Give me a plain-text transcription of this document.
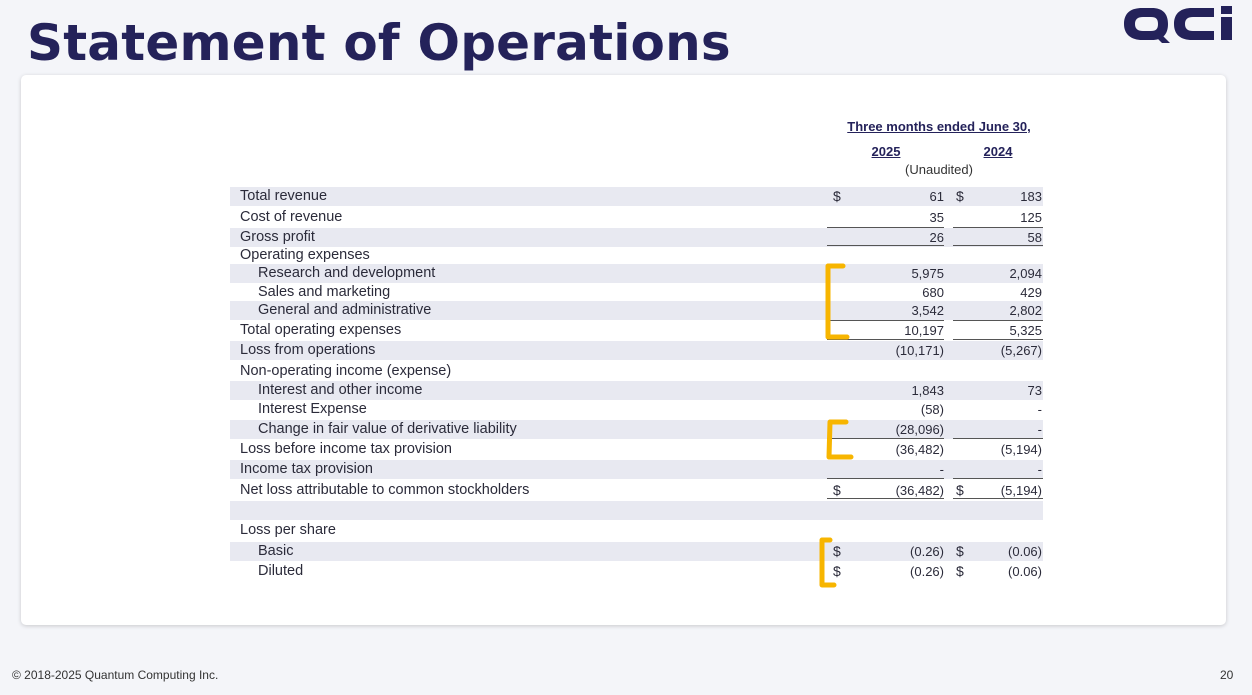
Statement of Operations
Three months ended June 30,
2025	2024
(Unaudited)
Total revenue	$	61 $	183
Cost of revenue	35	125
Gross profit	26	58
Operating expenses
Research and development	5,975	2,094
Sales and marketing	680	429
General and administrative	3,542	2,802
Total operating expenses	10,197	5,325
Loss from operations	(10,171)	(5,267)
Non-operating income (expense)
Interest and other income	1,843	73
Interest Expense	(58)	-
Change in fair value of derivative liability	(28,096)	-
Loss before income tax provision	(36,482)	(5,194)
Income tax provision	-	-
Net loss attributable to common stockholders	$	(36,482) $	(5,194)
Loss per share
Basic	$	(0.26) $	(0.06)
Diluted	$	(0.26) $	(0.06)
© 2018-2025 Quantum Computing Inc.	20
